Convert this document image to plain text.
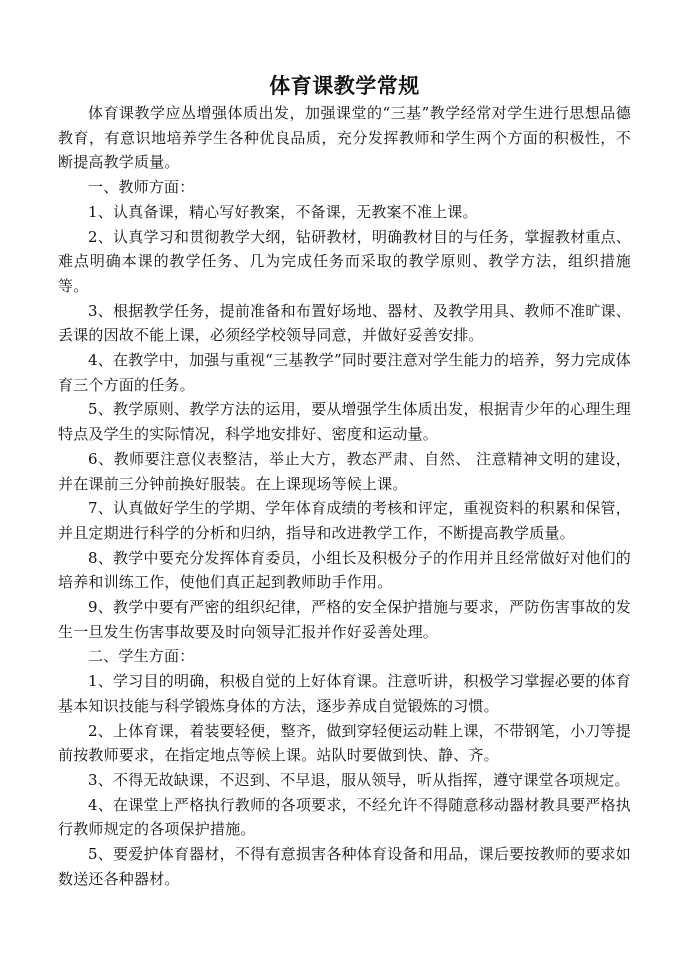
体育课教学常规

体育课教学应丛增强体质出发，加强课堂的“三基”教学经常对学生进行思想品德教育，有意识地培养学生各种优良品质，充分发挥教师和学生两个方面的积极性，不断提高教学质量。

一、教师方面：

1、认真备课，精心写好教案，不备课，无教案不准上课。

2、认真学习和贯彻教学大纲，钻研教材，明确教材目的与任务，掌握教材重点、难点明确本课的教学任务、几为完成任务而采取的教学原则、教学方法，组织措施等。

3、根据教学任务，提前准备和布置好场地、器材、及教学用具、教师不准旷课、丢课的因故不能上课，必须经学校领导同意，并做好妥善安排。

4、在教学中，加强与重视“三基教学”同时要注意对学生能力的培养，努力完成体育三个方面的任务。

5、教学原则、教学方法的运用，要从增强学生体质出发，根据青少年的心理生理特点及学生的实际情况，科学地安排好、密度和运动量。

6、教师要注意仪表整洁，举止大方，教态严肃、自然、 注意精神文明的建设，并在课前三分钟前换好服装。在上课现场等候上课。

7、认真做好学生的学期、学年体育成绩的考核和评定，重视资料的积累和保管，并且定期进行科学的分析和归纳，指导和改进教学工作，不断提高教学质量。

8、教学中要充分发挥体育委员，小组长及积极分子的作用并且经常做好对他们的培养和训练工作，使他们真正起到教师助手作用。

9、教学中要有严密的组织纪律，严格的安全保护措施与要求，严防伤害事故的发生一旦发生伤害事故要及时向领导汇报并作好妥善处理。

二、学生方面：

1、学习目的明确，积极自觉的上好体育课。注意听讲，积极学习掌握必要的体育基本知识技能与科学锻炼身体的方法，逐步养成自觉锻炼的习惯。

2、上体育课，着装要轻便，整齐，做到穿轻便运动鞋上课，不带钢笔，小刀等提前按教师要求，在指定地点等候上课。站队时要做到快、静、齐。

3、不得无故缺课，不迟到、不早退，服从领导，听从指挥，遵守课堂各项规定。

4、在课堂上严格执行教师的各项要求，不经允许不得随意移动器材教具要严格执行教师规定的各项保护措施。

5、要爱护体育器材，不得有意损害各种体育设备和用品，课后要按教师的要求如数送还各种器材。
